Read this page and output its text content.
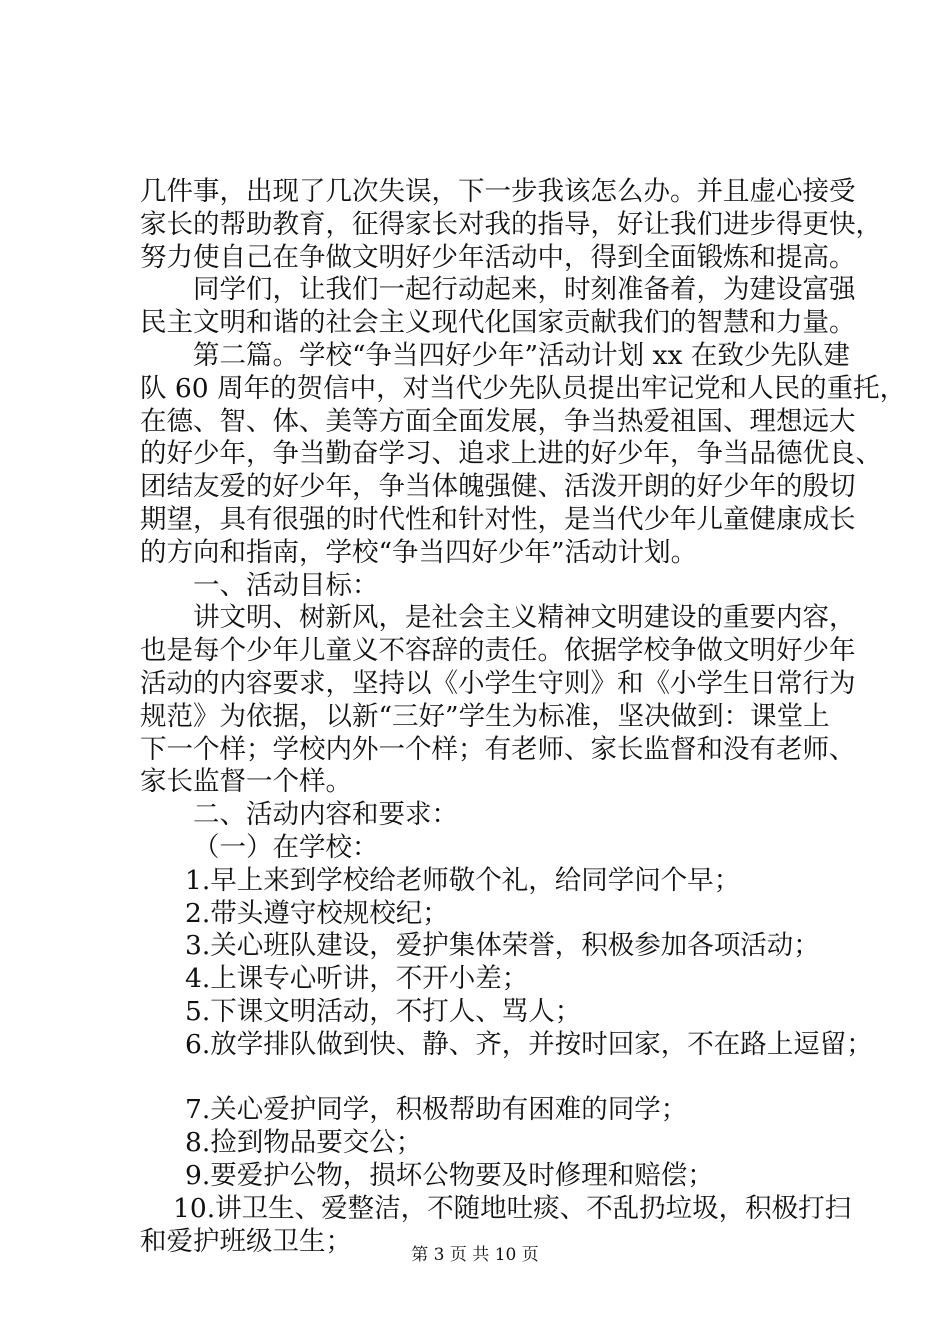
几件事，出现了几次失误，下一步我该怎么办。并且虚心接受
家长的帮助教育，征得家长对我的指导，好让我们进步得更快，
努力使自己在争做文明好少年活动中，得到全面锻炼和提高。
同学们，让我们一起行动起来，时刻准备着，为建设富强
民主文明和谐的社会主义现代化国家贡献我们的智慧和力量。
第二篇。学校“争当四好少年”活动计划 xx 在致少先队建
队 60 周年的贺信中，对当代少先队员提出牢记党和人民的重托，
在德、智、体、美等方面全面发展，争当热爱祖国、理想远大
的好少年，争当勤奋学习、追求上进的好少年，争当品德优良、
团结友爱的好少年，争当体魄强健、活泼开朗的好少年的殷切
期望，具有很强的时代性和针对性，是当代少年儿童健康成长
的方向和指南，学校“争当四好少年”活动计划。
一、活动目标：
讲文明、树新风，是社会主义精神文明建设的重要内容，
也是每个少年儿童义不容辞的责任。依据学校争做文明好少年
活动的内容要求，坚持以《小学生守则》和《小学生日常行为
规范》为依据，以新“三好”学生为标准，坚决做到：课堂上
下一个样；学校内外一个样；有老师、家长监督和没有老师、
家长监督一个样。
二、活动内容和要求：
（一）在学校：
1.早上来到学校给老师敬个礼，给同学问个早；
2.带头遵守校规校纪；
3.关心班队建设，爱护集体荣誉，积极参加各项活动；
4.上课专心听讲，不开小差；
5.下课文明活动，不打人、骂人；
6.放学排队做到快、静、齐，并按时回家，不在路上逗留；
7.关心爱护同学，积极帮助有困难的同学；
8.捡到物品要交公；
9.要爱护公物，损坏公物要及时修理和赔偿；
10.讲卫生、爱整洁，不随地吐痰、不乱扔垃圾，积极打扫
和爱护班级卫生；	第 3 页 共 10 页
